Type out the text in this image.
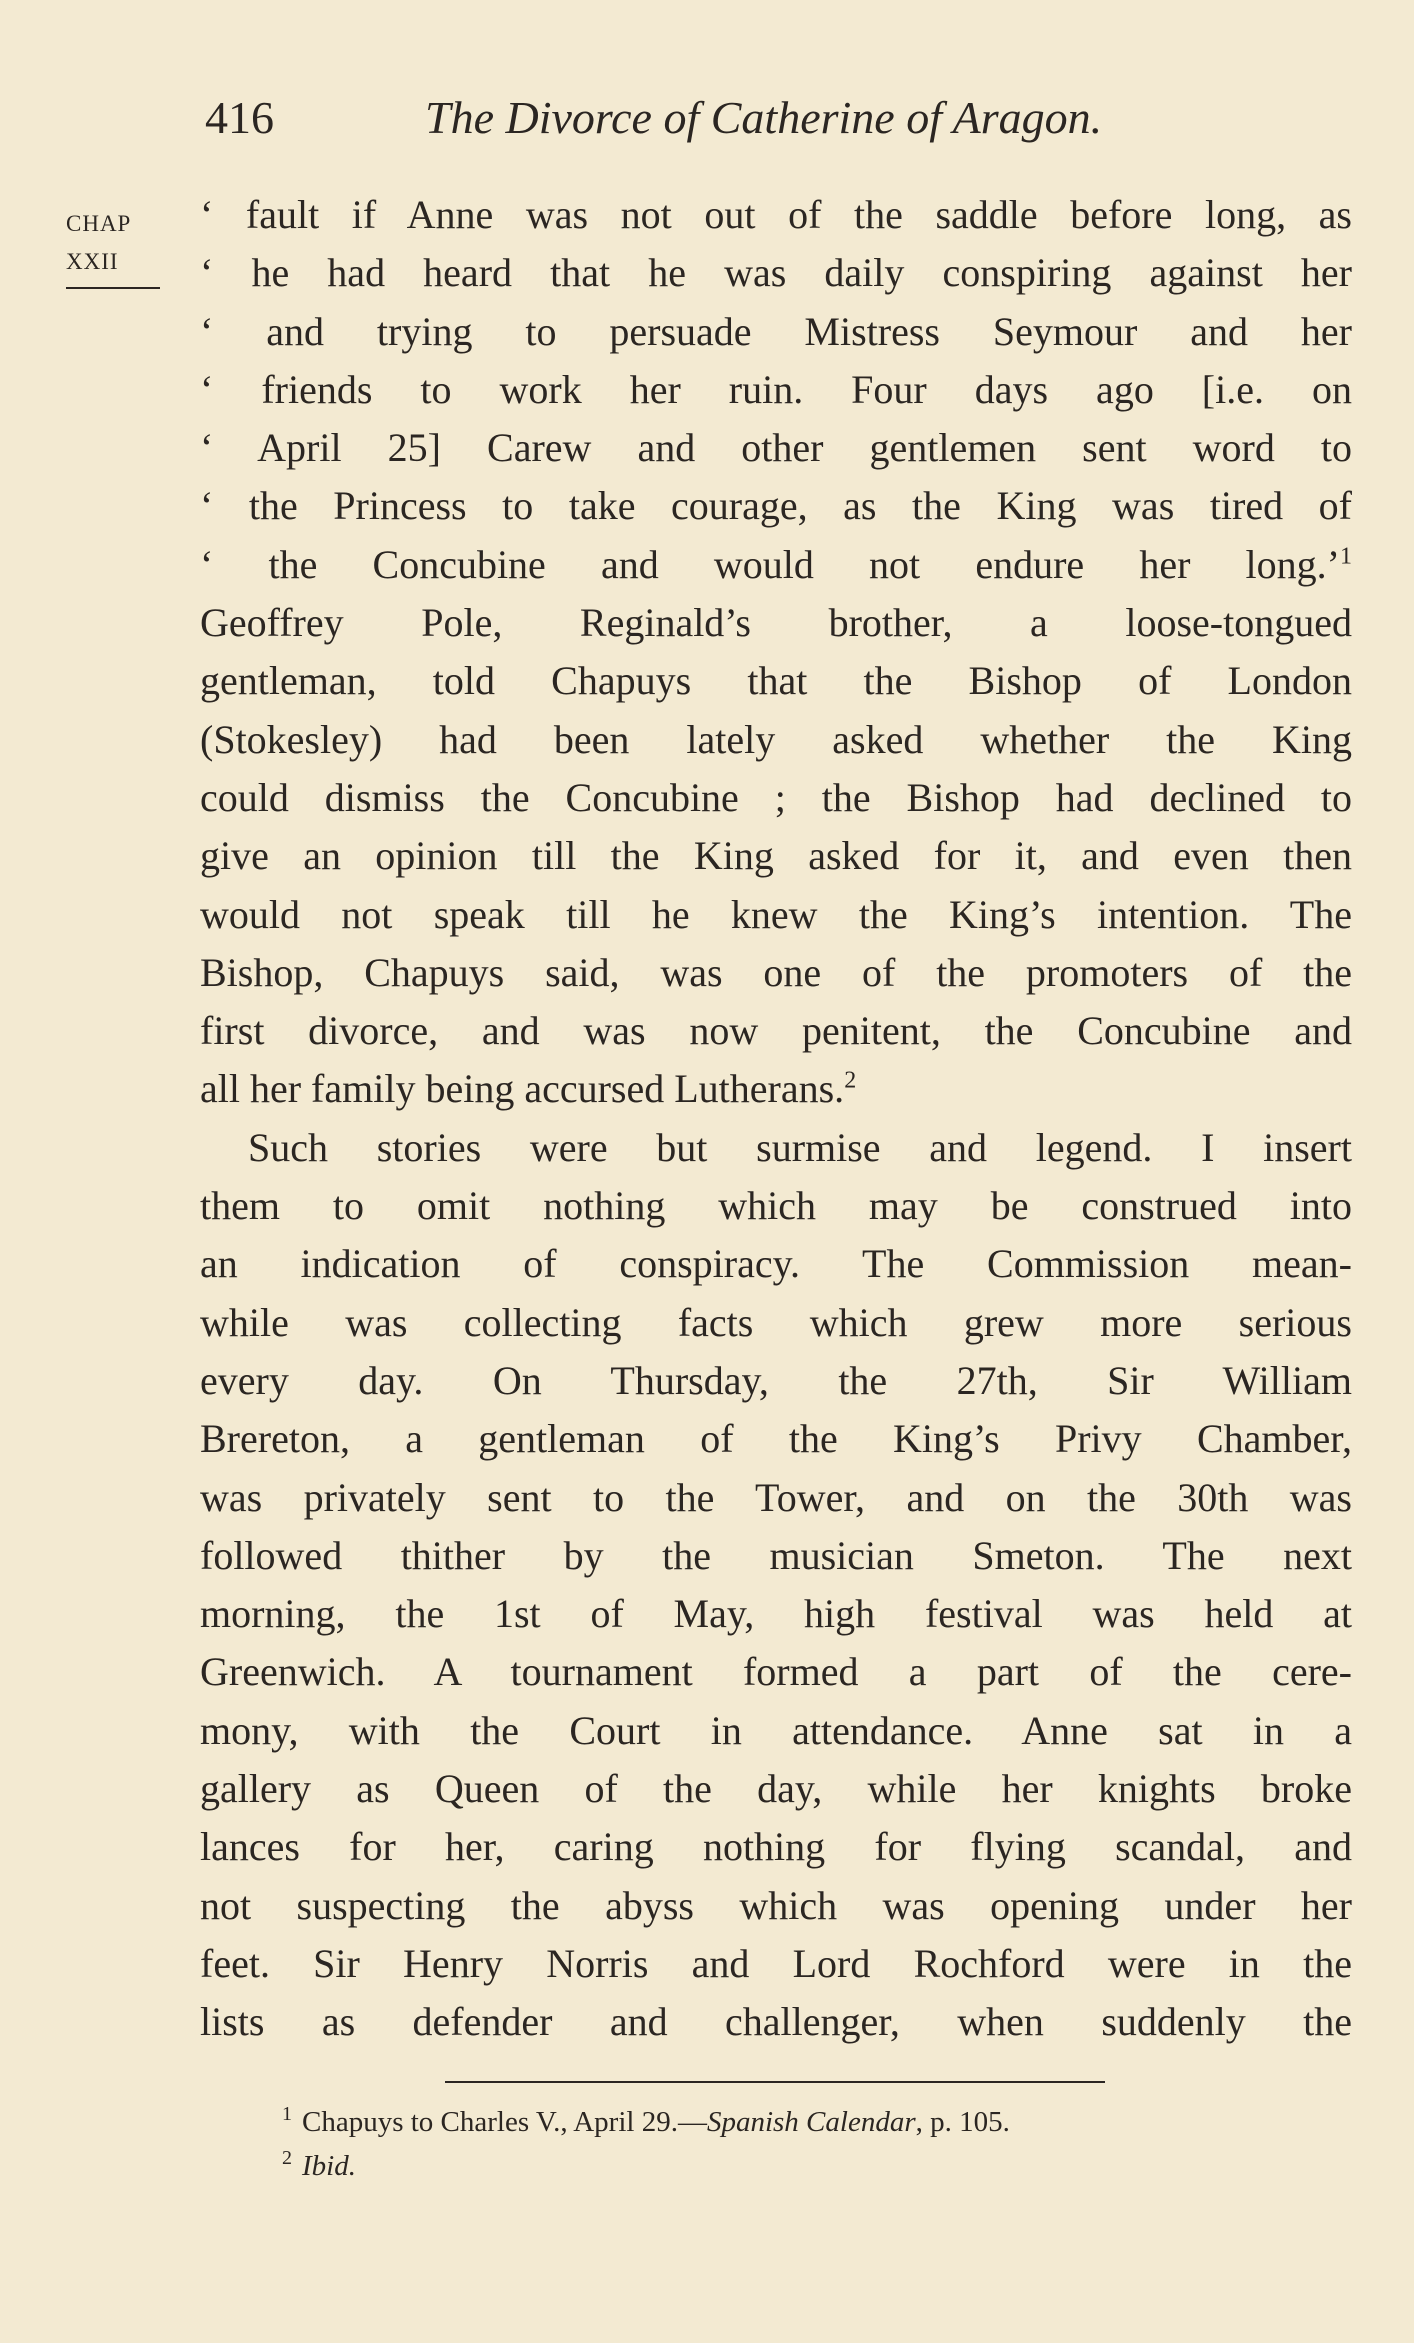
416	The Divorce of Catherine of Aragon.
CHAP
XXII
‘ fault if Anne was not out of the saddle before long, as
‘ he had heard that he was daily conspiring against her
‘ and trying to persuade Mistress Seymour and her
‘ friends to work her ruin. Four days ago [i.e. on
‘ April 25] Carew and other gentlemen sent word to
‘ the Princess to take courage, as the King was tired of
‘ the Concubine and would not endure her long.’$^1$
Geoffrey Pole, Reginald’s brother, a loose-tongued
gentleman, told Chapuys that the Bishop of London
(Stokesley) had been lately asked whether the King
could dismiss the Concubine ; the Bishop had declined to
give an opinion till the King asked for it, and even then
would not speak till he knew the King’s intention. The
Bishop, Chapuys said, was one of the promoters of the
first divorce, and was now penitent, the Concubine and
all her family being accursed Lutherans.$^2$
Such stories were but surmise and legend. I insert
them to omit nothing which may be construed into
an indication of conspiracy. The Commission mean-
while was collecting facts which grew more serious
every day. On Thursday, the 27th, Sir William
Brereton, a gentleman of the King’s Privy Chamber,
was privately sent to the Tower, and on the 30th was
followed thither by the musician Smeton. The next
morning, the 1st of May, high festival was held at
Greenwich. A tournament formed a part of the cere-
mony, with the Court in attendance. Anne sat in a
gallery as Queen of the day, while her knights broke
lances for her, caring nothing for flying scandal, and
not suspecting the abyss which was opening under her
feet. Sir Henry Norris and Lord Rochford were in the
lists as defender and challenger, when suddenly the
$^1$ Chapuys to Charles V., April 29.—Spanish Calendar, p. 105.
$^2$ Ibid.
